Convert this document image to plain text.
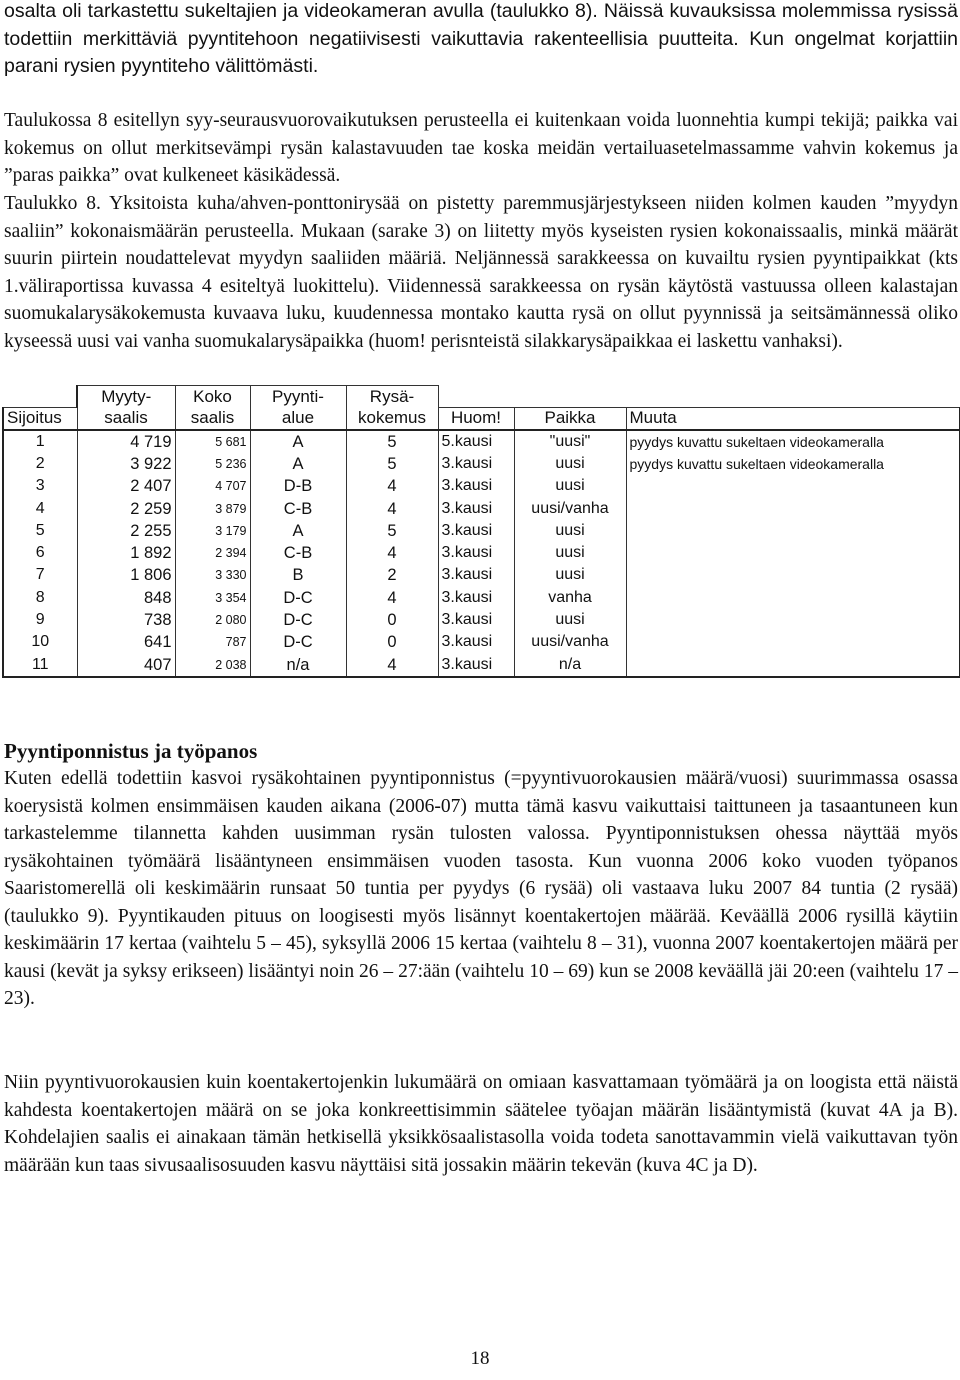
osalta oli tarkastettu sukeltajien ja videokameran avulla (taulukko 8). Näissä kuvauksissa molemmissa rysissä todettiin merkittäviä pyyntitehoon negatiivisesti vaikuttavia rakenteellisia puutteita. Kun ongelmat korjattiin parani rysien pyyntiteho välittömästi.

Taulukossa 8 esitellyn syy-seurausvuorovaikutuksen perusteella ei kuitenkaan voida luonnehtia kumpi tekijä; paikka vai kokemus on ollut merkitsevämpi rysän kalastavuuden tae koska meidän vertailuasetelmassamme vahvin kokemus ja ”paras paikka” ovat kulkeneet käsikädessä.

Taulukko 8. Yksitoista kuha/ahven-ponttonirysää on pistetty paremmusjärjestykseen niiden kolmen kauden ”myydyn saaliin” kokonaismäärän perusteella. Mukaan (sarake 3) on liitetty myös kyseisten rysien kokonaissaalis, minkä määrät suurin piirtein noudattelevat myydyn saaliiden määriä. Neljännessä sarakkeessa on kuvailtu rysien pyyntipaikkat (kts 1.väliraportissa kuvassa 4 esiteltyä luokittelu). Viidennessä sarakkeessa on rysän käytöstä vastuussa olleen kalastajan suomukalarysäkokemusta kuvaava luku, kuudennessa montako kautta rysä on ollut pyynnissä ja seitsämännessä oliko kyseessä uusi vai vanha suomukalarysäpaikka (huom! perisnteistä silakkarysäpaikkaa ei laskettu vanhaksi).

	Myyty-	Koko	Pyynti-	Rysä-			
Sijoitus	saalis	saalis	alue	kokemus	Huom!	Paikka	Muuta
1	4 719	5 681	A	5	5.kausi	"uusi"	pyydys kuvattu sukeltaen videokameralla
2	3 922	5 236	A	5	3.kausi	uusi	pyydys kuvattu sukeltaen videokameralla
3	2 407	4 707	D-B	4	3.kausi	uusi	
4	2 259	3 879	C-B	4	3.kausi	uusi/vanha	
5	2 255	3 179	A	5	3.kausi	uusi	
6	1 892	2 394	C-B	4	3.kausi	uusi	
7	1 806	3 330	B	2	3.kausi	uusi	
8	848	3 354	D-C	4	3.kausi	vanha	
9	738	2 080	D-C	0	3.kausi	uusi	
10	641	787	D-C	0	3.kausi	uusi/vanha	
11	407	2 038	n/a	4	3.kausi	n/a	

Pyyntiponnistus ja työpanos

Kuten edellä todettiin kasvoi rysäkohtainen pyyntiponnistus (=pyyntivuorokausien määrä/vuosi) suurimmassa osassa koerysistä kolmen ensimmäisen kauden aikana (2006-07) mutta tämä kasvu vaikuttaisi taittuneen ja tasaantuneen kun tarkastelemme tilannetta kahden uusimman rysän tulosten valossa. Pyyntiponnistuksen ohessa näyttää myös rysäkohtainen työmäärä lisääntyneen ensimmäisen vuoden tasosta. Kun vuonna 2006 koko vuoden työpanos Saaristomerellä oli keskimäärin runsaat 50 tuntia per pyydys (6 rysää) oli vastaava luku 2007 84 tuntia (2 rysää) (taulukko 9). Pyyntikauden pituus on loogisesti myös lisännyt koentakertojen määrää. Keväällä 2006 rysillä käytiin keskimäärin 17 kertaa (vaihtelu 5 – 45), syksyllä 2006 15 kertaa (vaihtelu 8 – 31), vuonna 2007 koentakertojen määrä per kausi (kevät ja syksy erikseen) lisääntyi noin 26 – 27:ään (vaihtelu 10 – 69) kun se 2008 keväällä jäi 20:een (vaihtelu 17 – 23).

Niin pyyntivuorokausien kuin koentakertojenkin lukumäärä on omiaan kasvattamaan työmäärä ja on loogista että näistä kahdesta koentakertojen määrä on se joka konkreettisimmin säätelee työajan määrän lisääntymistä (kuvat 4A ja B). Kohdelajien saalis ei ainakaan tämän hetkisellä yksikkösaalistasolla voida todeta sanottavammin vielä vaikuttavan työn määrään kun taas sivusaalisosuuden kasvu näyttäisi sitä jossakin määrin tekevän (kuva 4C ja D).

18
